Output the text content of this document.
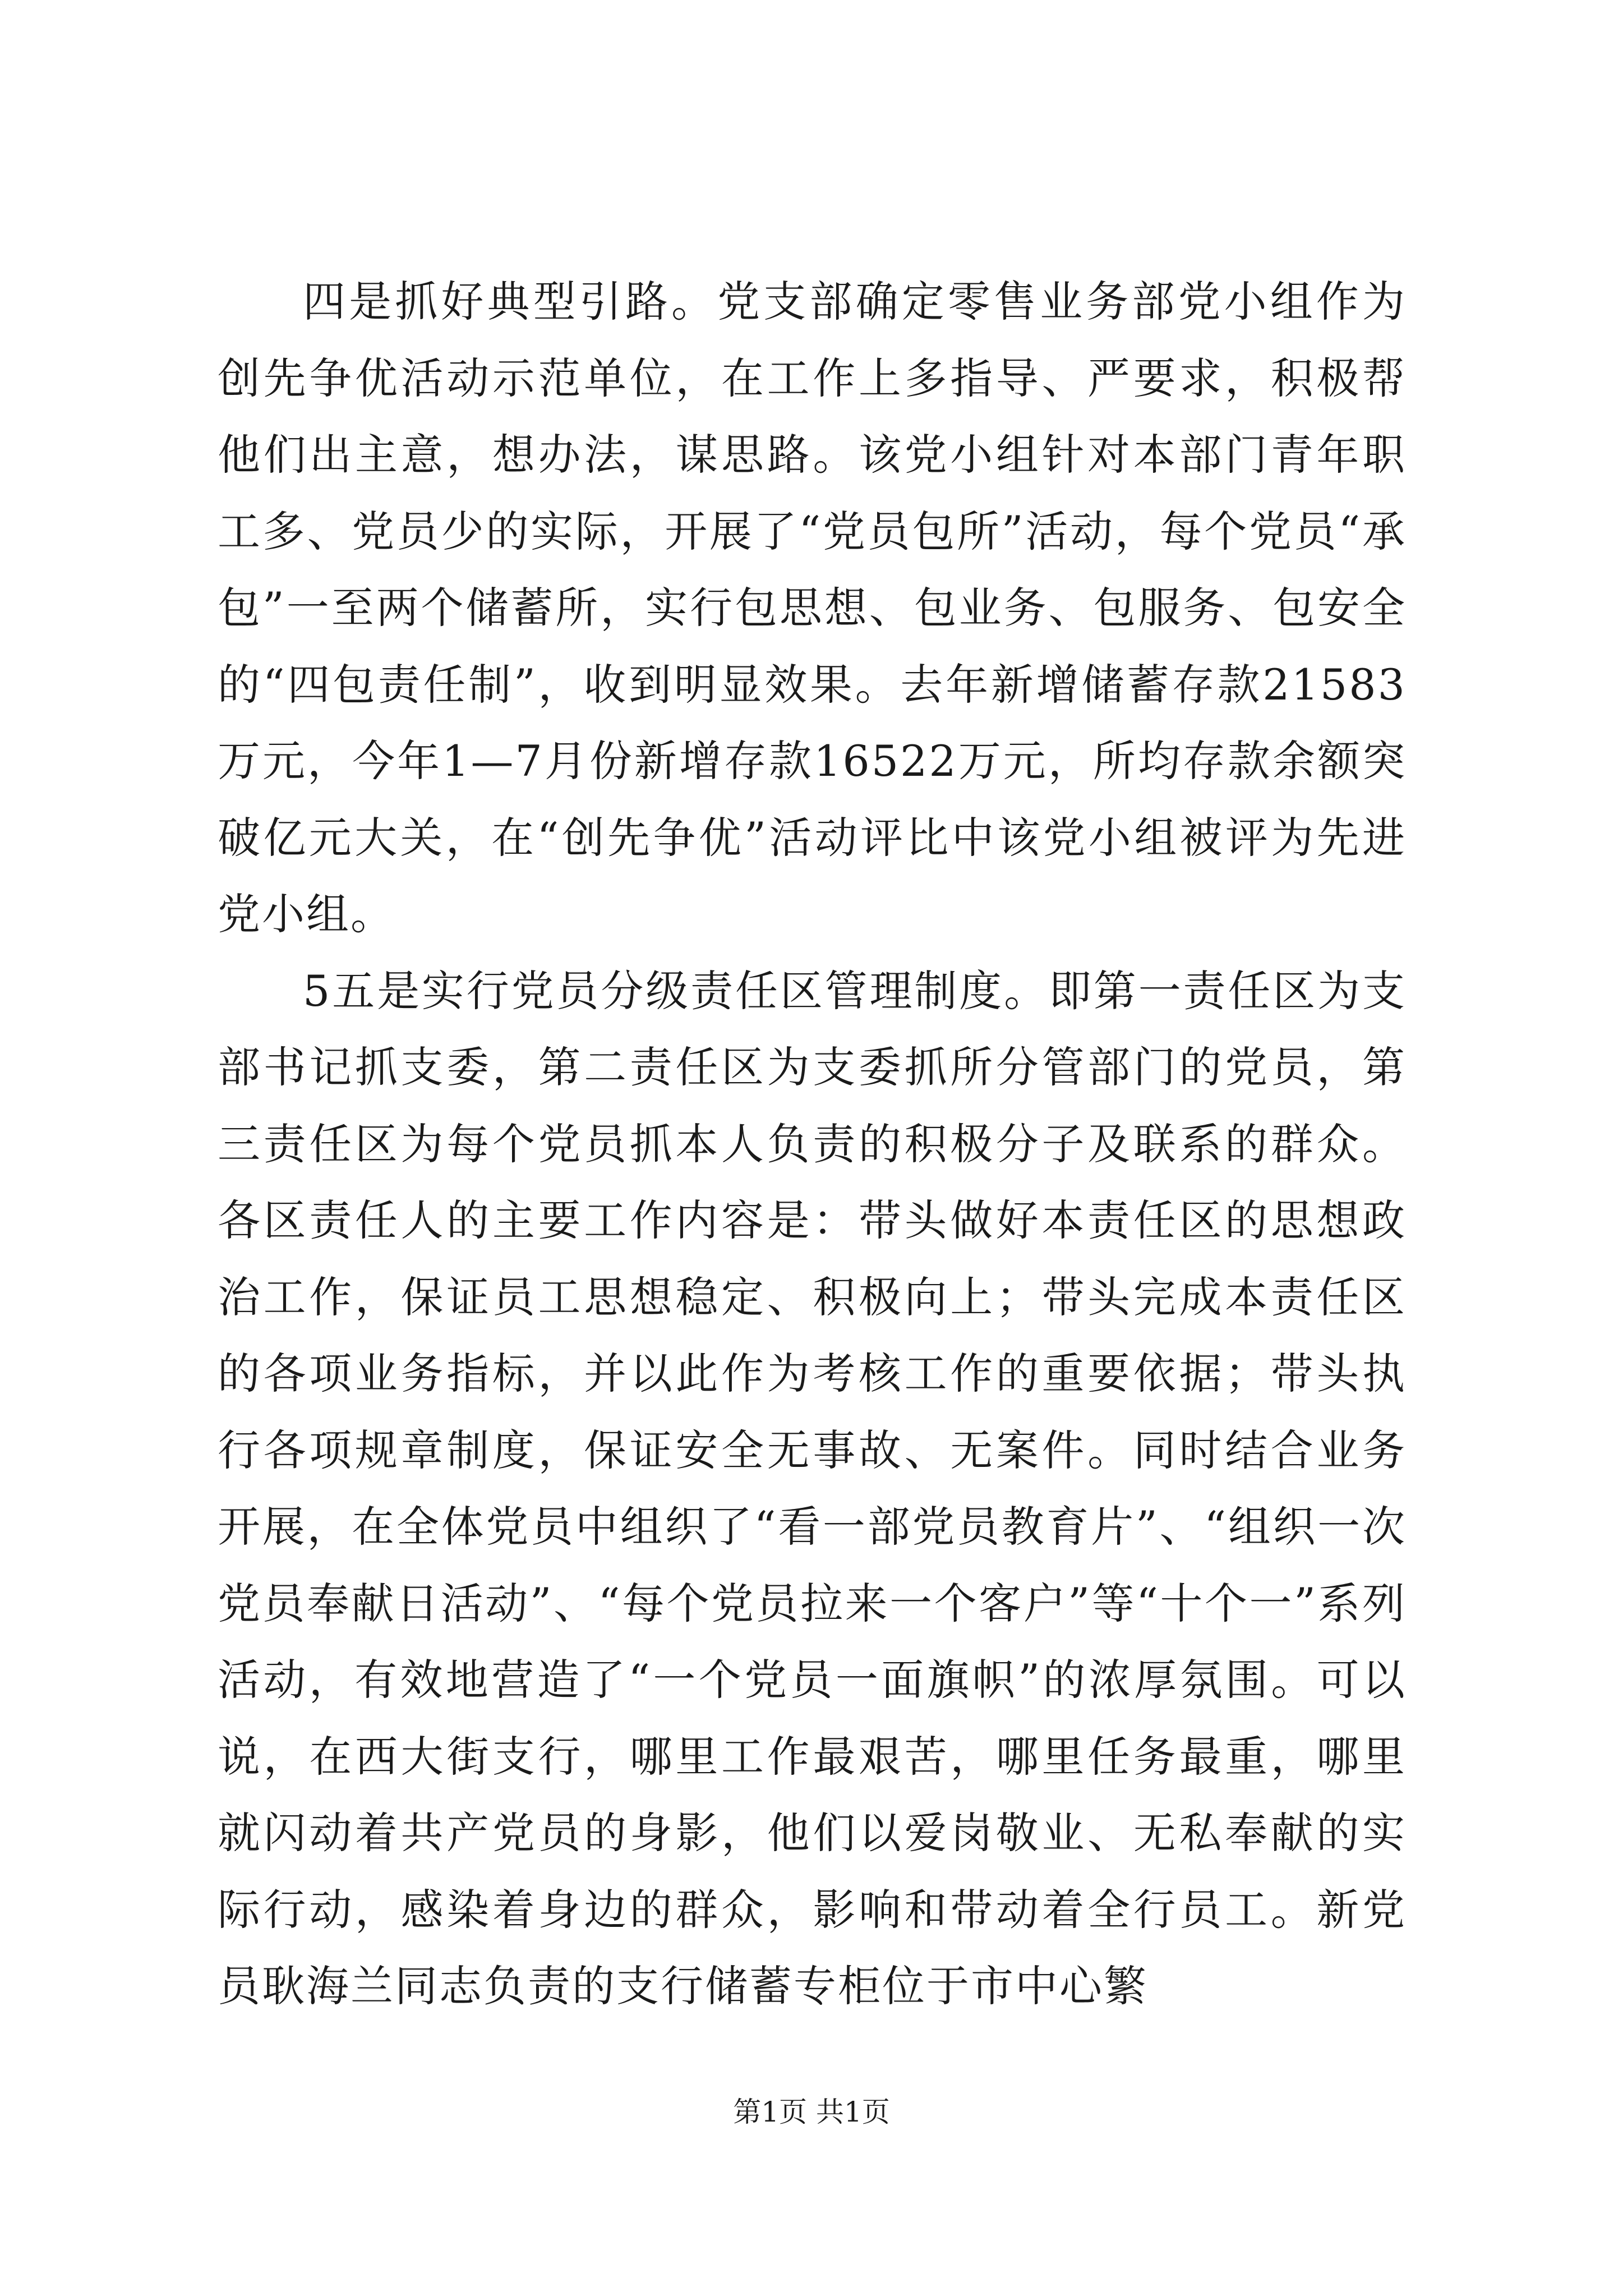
四是抓好典型引路。党支部确定零售业务部党小组作为创先争优活动示范单位，在工作上多指导、严要求，积极帮他们出主意，想办法，谋思路。该党小组针对本部门青年职工多、党员少的实际，开展了“党员包所”活动，每个党员“承包”一至两个储蓄所，实行包思想、包业务、包服务、包安全的“四包责任制”，收到明显效果。去年新增储蓄存款21583万元，今年1—7月份新增存款16522万元，所均存款余额突破亿元大关，在“创先争优”活动评比中该党小组被评为先进党小组。

5五是实行党员分级责任区管理制度。即第一责任区为支部书记抓支委，第二责任区为支委抓所分管部门的党员，第三责任区为每个党员抓本人负责的积极分子及联系的群众。各区责任人的主要工作内容是：带头做好本责任区的思想政治工作，保证员工思想稳定、积极向上；带头完成本责任区的各项业务指标，并以此作为考核工作的重要依据；带头执行各项规章制度，保证安全无事故、无案件。同时结合业务开展，在全体党员中组织了“看一部党员教育片”、“组织一次党员奉献日活动”、“每个党员拉来一个客户”等“十个一”系列活动，有效地营造了“一个党员一面旗帜”的浓厚氛围。可以说，在西大街支行，哪里工作最艰苦，哪里任务最重，哪里就闪动着共产党员的身影，他们以爱岗敬业、无私奉献的实际行动，感染着身边的群众，影响和带动着全行员工。新党员耿海兰同志负责的支行储蓄专柜位于市中心繁

第1页 共1页
